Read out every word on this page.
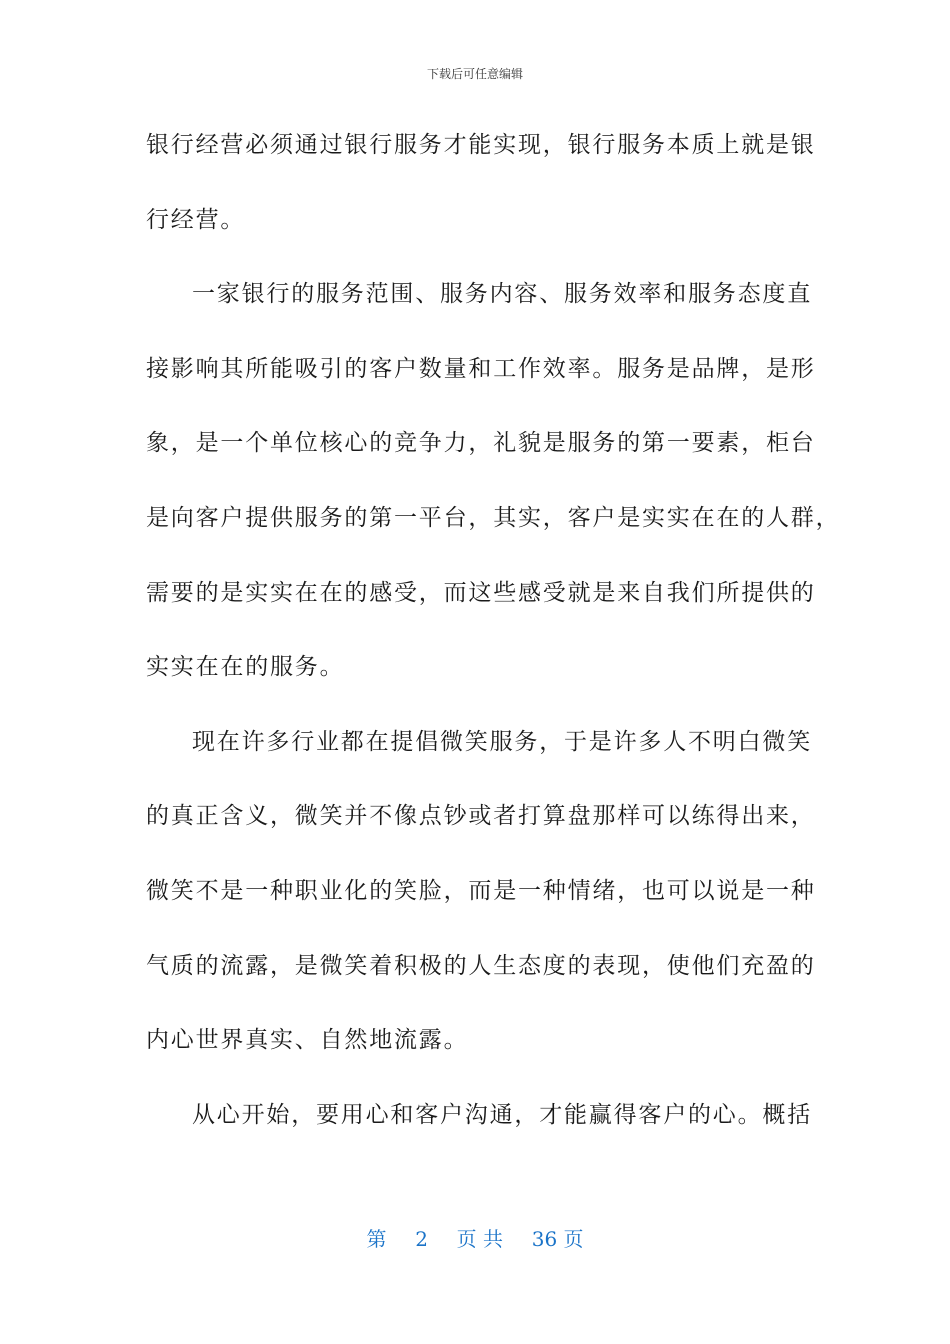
下载后可任意编辑
银行经营必须通过银行服务才能实现，银行服务本质上就是银
行经营。
一家银行的服务范围、服务内容、服务效率和服务态度直
接影响其所能吸引的客户数量和工作效率。服务是品牌，是形
象，是一个单位核心的竞争力，礼貌是服务的第一要素，柜台
是向客户提供服务的第一平台，其实，客户是实实在在的人群，
需要的是实实在在的感受，而这些感受就是来自我们所提供的
实实在在的服务。
现在许多行业都在提倡微笑服务，于是许多人不明白微笑
的真正含义，微笑并不像点钞或者打算盘那样可以练得出来，
微笑不是一种职业化的笑脸，而是一种情绪，也可以说是一种
气质的流露，是微笑着积极的人生态度的表现，使他们充盈的
内心世界真实、自然地流露。
从心开始，要用心和客户沟通，才能赢得客户的心。概括
第 2 页 共 36 页
